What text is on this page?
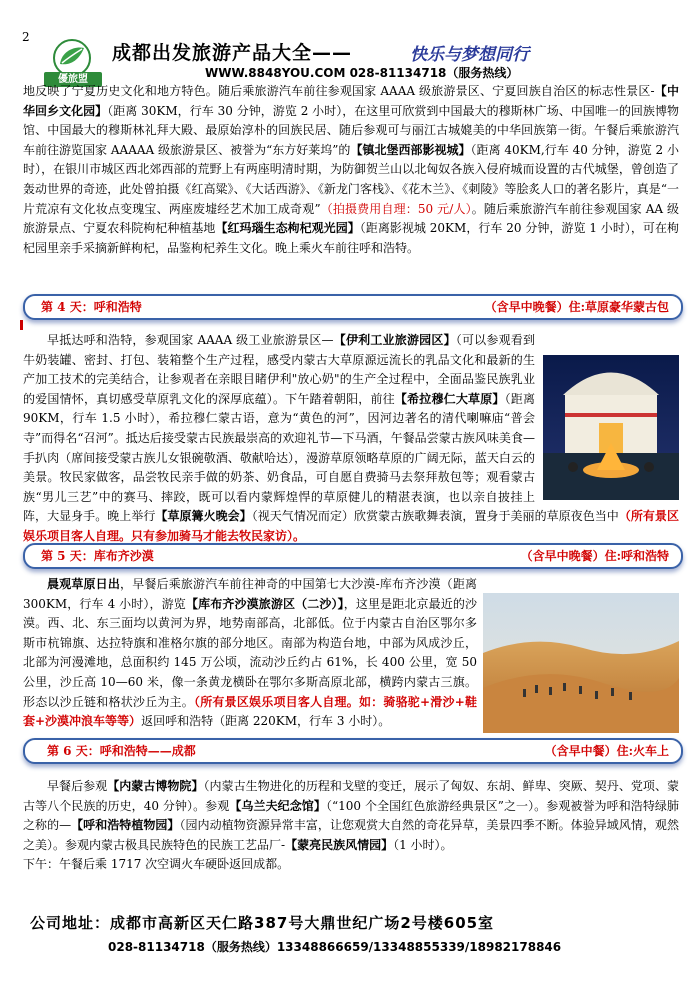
2
優旅盟
成都出发旅游产品大全——	快乐与梦想同行
WWW.8848YOU.COM 028-81134718（服务热线）

地反映了宁夏历史文化和地方特色。随后乘旅游汽车前往参观国家 AAAA 级旅游景区、宁夏回族自治区的标志性景区-【中华回乡文化园】（距离 30KM，行车 30 分钟，游览 2 小时），在这里可欣赏到中国最大的穆斯林广场、中国唯一的回族博物馆、中国最大的穆斯林礼拜大殿、最原始淳朴的回族民居、随后参观可与丽江古城媲美的中华回族第一街。午餐后乘旅游汽车前往游览国家 AAAAA 级旅游景区、被誉为“东方好莱坞”的【镇北堡西部影视城】（距离 40KM,行车 40 分钟，游览 2 小时），在银川市城区西北郊西部的荒野上有两座明清时期，为防御贺兰山以北匈奴各族入侵府城而设置的古代城堡，曾创造了轰动世界的奇迹，此处曾拍摄《红高粱》、《大话西游》、《新龙门客栈》、《花木兰》、《刺陵》等脍炙人口的著名影片，真是“一片荒凉有文化妆点变瑰宝、两座废墟经艺术加工成奇观”（拍摄费用自理：50 元/人）。随后乘旅游汽车前往参观国家 AA 级旅游景点、宁夏农科院枸杞种植基地【红玛瑙生态枸杞观光园】（距离影视城 20KM，行车 20 分钟，游览 1 小时），可在枸杞园里亲手采摘新鲜枸杞，品鉴枸杞养生文化。晚上乘火车前往呼和浩特。

第 4 天：呼和浩特	（含早中晚餐）住:草原豪华蒙古包

早抵达呼和浩特，参观国家 AAAA 级工业旅游景区—【伊利工业旅游园区】（可以参观看到牛奶装罐、密封、打包、装箱整个生产过程，感受内蒙古大草原源远流长的乳品文化和最新的生产加工技术的完美结合，让参观者在亲眼目睹伊利"放心奶"的生产全过程中，全面品鉴民族乳业的爱国情怀，真切感受草原乳文化的深厚底蕴）。下午踏着朝阳，前往【希拉穆仁大草原】（距离 90KM，行车 1.5 小时），希拉穆仁蒙古语，意为“黄色的河”，因河边著名的清代喇嘛庙“普会寺”而得名“召河”。抵达后接受蒙古民族最崇高的欢迎礼节—下马酒，午餐品尝蒙古族风味美食—手扒肉（席间接受蒙古族儿女银碗敬酒、敬献哈达），漫游草原领略草原的广阔无际，蓝天白云的美景。牧民家做客，品尝牧民亲手做的奶茶、奶食品，可自愿自费骑马去祭拜敖包等；观看蒙古族“男儿三艺”中的赛马、摔跤，既可以看内蒙辉煌悍的草原健儿的精湛表演，也以亲自披挂上阵，大显身手。晚上举行【草原篝火晚会】（视天气情况而定）欣赏蒙古族歌舞表演，置身于美丽的草原夜色当中（所有景区娱乐项目客人自理。只有参加骑马才能去牧民家访）。

第 5 天：库布齐沙漠	（含早中晚餐）住:呼和浩特

晨观草原日出，早餐后乘旅游汽车前往神奇的中国第七大沙漠-库布齐沙漠（距离 300KM，行车 4 小时），游览【库布齐沙漠旅游区（二沙）】，这里是距北京最近的沙漠。西、北、东三面均以黄河为界，地势南部高，北部低。位于内蒙古自治区鄂尔多斯市杭锦旗、达拉特旗和准格尔旗的部分地区。南部为构造台地，中部为风成沙丘，北部为河漫滩地，总面积约 145 万公顷，流动沙丘约占 61%，长 400 公里，宽 50 公里，沙丘高 10—60 米，像一条黄龙横卧在鄂尔多斯高原北部，横跨内蒙古三旗。形态以沙丘链和格状沙丘为主。（所有景区娱乐项目客人自理。如：骑骆驼+滑沙+鞋套+沙漠冲浪车等等）返回呼和浩特（距离 220KM，行车 3 小时）。

第 6 天：呼和浩特——成都	（含早中餐）住:火车上

早餐后参观【内蒙古博物院】（内蒙古生物进化的历程和戈壁的变迁，展示了匈奴、东胡、鲜卑、突厥、契丹、党项、蒙古等八个民族的历史，40 分钟）。参观【乌兰夫纪念馆】（“100 个全国红色旅游经典景区”之一）。参观被誉为呼和浩特绿肺之称的—【呼和浩特植物园】（园内动植物资源异常丰富，让您观赏大自然的奇花异草，美景四季不断。体验异域风情，观然之美）。参观内蒙古极具民族特色的民族工艺品厂-【蒙亮民族风情园】（1 小时）。

下午：午餐后乘 1717 次空调火车硬卧返回成都。

公司地址：成都市高新区天仁路387号大鼎世纪广场2号楼605室
028-81134718（服务热线）13348866659/13348855339/18982178846
